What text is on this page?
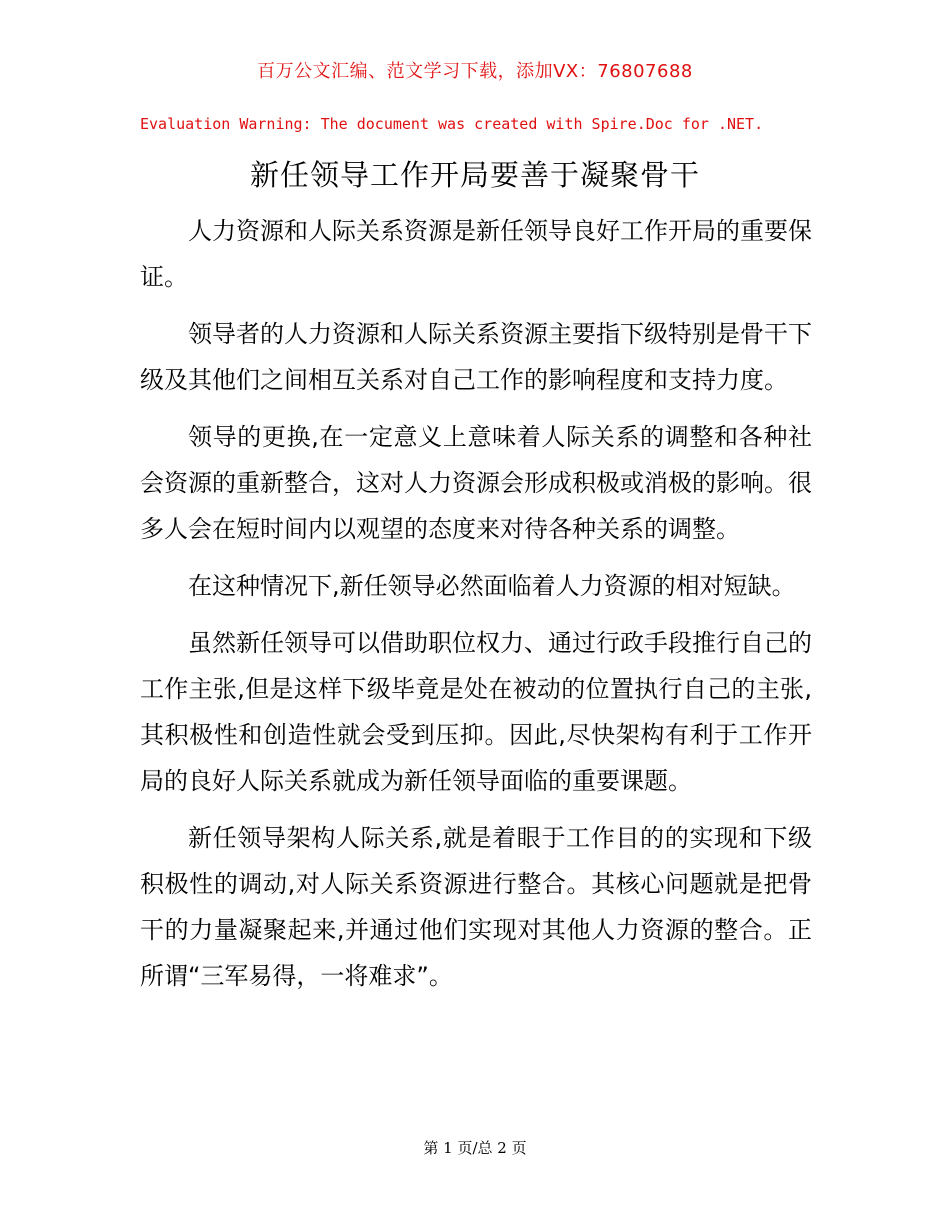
百万公文汇编、范文学习下载，添加VX：76807688
Evaluation Warning: The document was created with Spire.Doc for .NET.
新任领导工作开局要善于凝聚骨干

人力资源和人际关系资源是新任领导良好工作开局的重要保证。

领导者的人力资源和人际关系资源主要指下级特别是骨干下级及其他们之间相互关系对自己工作的影响程度和支持力度。

领导的更换,在一定意义上意味着人际关系的调整和各种社会资源的重新整合，这对人力资源会形成积极或消极的影响。很多人会在短时间内以观望的态度来对待各种关系的调整。

在这种情况下,新任领导必然面临着人力资源的相对短缺。

虽然新任领导可以借助职位权力、通过行政手段推行自己的工作主张,但是这样下级毕竟是处在被动的位置执行自己的主张,其积极性和创造性就会受到压抑。因此,尽快架构有利于工作开局的良好人际关系就成为新任领导面临的重要课题。

新任领导架构人际关系,就是着眼于工作目的的实现和下级积极性的调动,对人际关系资源进行整合。其核心问题就是把骨干的力量凝聚起来,并通过他们实现对其他人力资源的整合。正所谓“三军易得，一将难求”。

第 1 页/总 2 页
